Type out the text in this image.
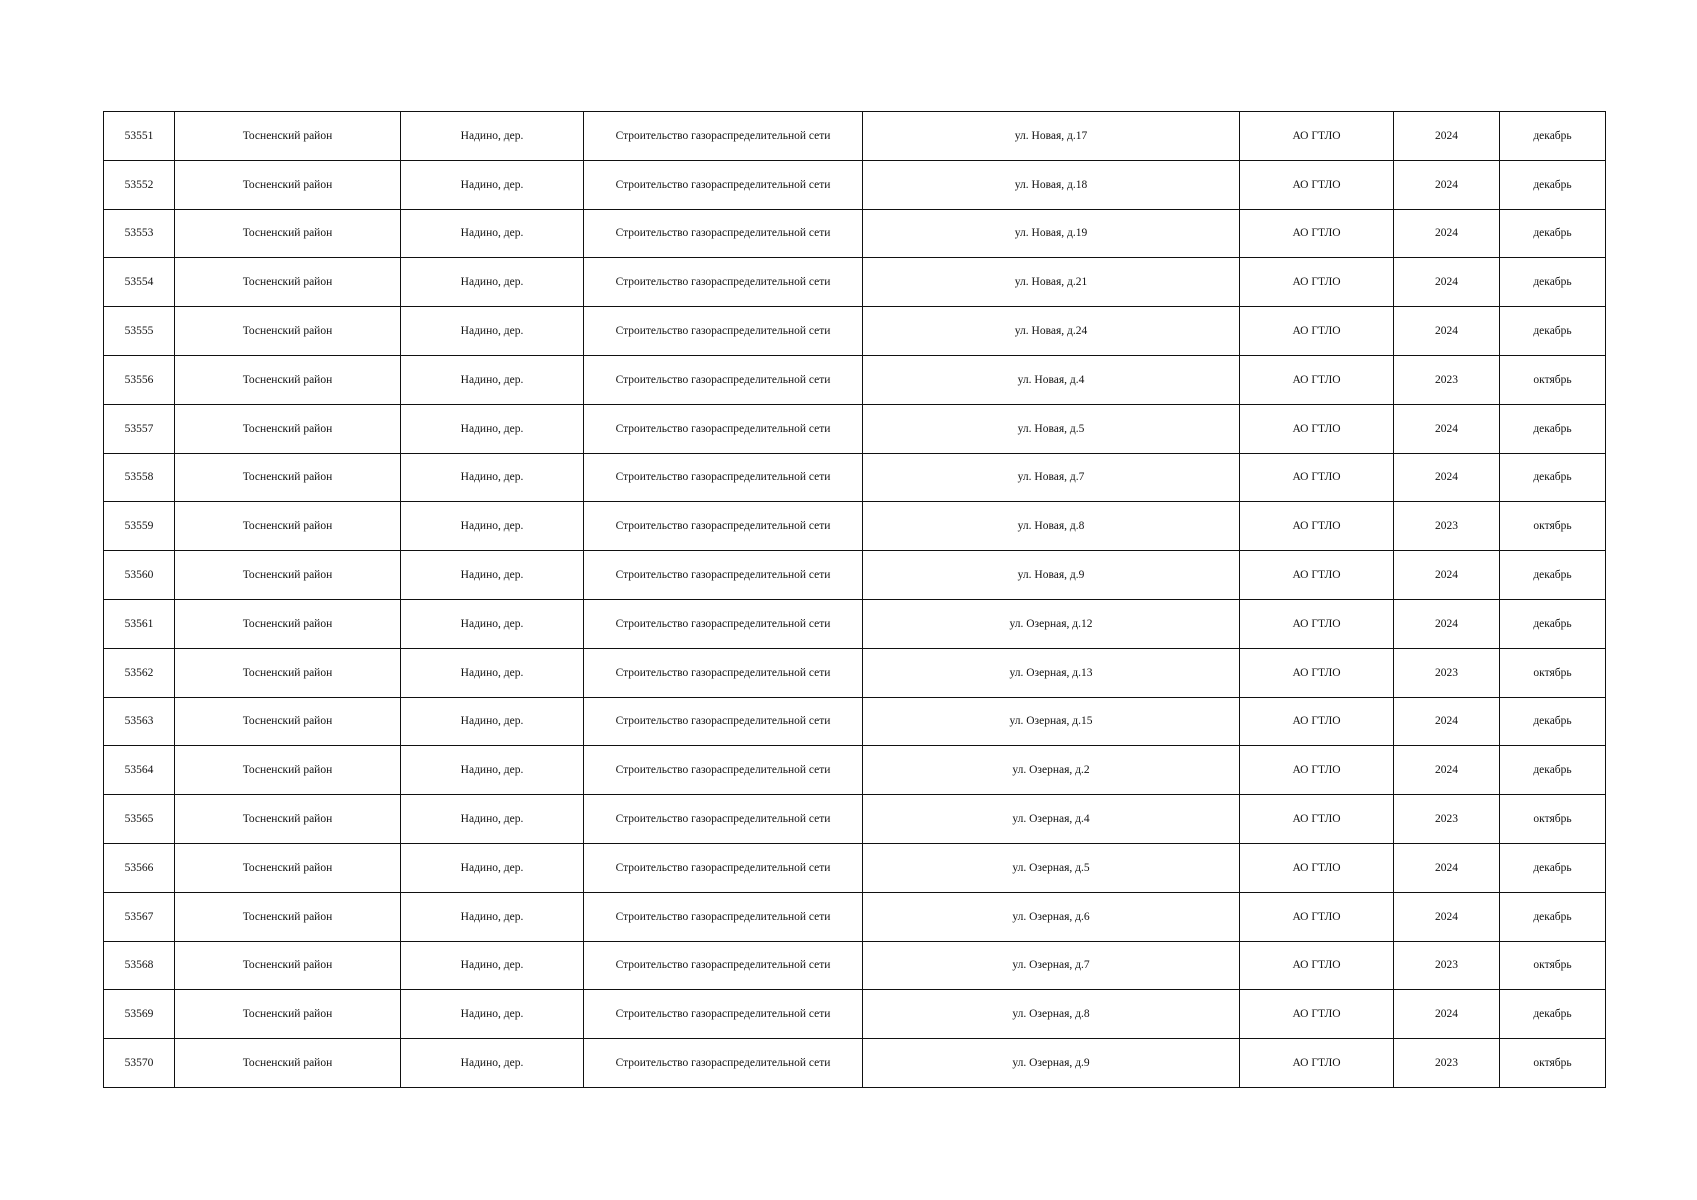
53551	Тосненский район	Надино, дер.	Строительство газораспределительной сети	ул. Новая, д.17	АО ГТЛО	2024	декабрь
53552	Тосненский район	Надино, дер.	Строительство газораспределительной сети	ул. Новая, д.18	АО ГТЛО	2024	декабрь
53553	Тосненский район	Надино, дер.	Строительство газораспределительной сети	ул. Новая, д.19	АО ГТЛО	2024	декабрь
53554	Тосненский район	Надино, дер.	Строительство газораспределительной сети	ул. Новая, д.21	АО ГТЛО	2024	декабрь
53555	Тосненский район	Надино, дер.	Строительство газораспределительной сети	ул. Новая, д.24	АО ГТЛО	2024	декабрь
53556	Тосненский район	Надино, дер.	Строительство газораспределительной сети	ул. Новая, д.4	АО ГТЛО	2023	октябрь
53557	Тосненский район	Надино, дер.	Строительство газораспределительной сети	ул. Новая, д.5	АО ГТЛО	2024	декабрь
53558	Тосненский район	Надино, дер.	Строительство газораспределительной сети	ул. Новая, д.7	АО ГТЛО	2024	декабрь
53559	Тосненский район	Надино, дер.	Строительство газораспределительной сети	ул. Новая, д.8	АО ГТЛО	2023	октябрь
53560	Тосненский район	Надино, дер.	Строительство газораспределительной сети	ул. Новая, д.9	АО ГТЛО	2024	декабрь
53561	Тосненский район	Надино, дер.	Строительство газораспределительной сети	ул. Озерная, д.12	АО ГТЛО	2024	декабрь
53562	Тосненский район	Надино, дер.	Строительство газораспределительной сети	ул. Озерная, д.13	АО ГТЛО	2023	октябрь
53563	Тосненский район	Надино, дер.	Строительство газораспределительной сети	ул. Озерная, д.15	АО ГТЛО	2024	декабрь
53564	Тосненский район	Надино, дер.	Строительство газораспределительной сети	ул. Озерная, д.2	АО ГТЛО	2024	декабрь
53565	Тосненский район	Надино, дер.	Строительство газораспределительной сети	ул. Озерная, д.4	АО ГТЛО	2023	октябрь
53566	Тосненский район	Надино, дер.	Строительство газораспределительной сети	ул. Озерная, д.5	АО ГТЛО	2024	декабрь
53567	Тосненский район	Надино, дер.	Строительство газораспределительной сети	ул. Озерная, д.6	АО ГТЛО	2024	декабрь
53568	Тосненский район	Надино, дер.	Строительство газораспределительной сети	ул. Озерная, д.7	АО ГТЛО	2023	октябрь
53569	Тосненский район	Надино, дер.	Строительство газораспределительной сети	ул. Озерная, д.8	АО ГТЛО	2024	декабрь
53570	Тосненский район	Надино, дер.	Строительство газораспределительной сети	ул. Озерная, д.9	АО ГТЛО	2023	октябрь
